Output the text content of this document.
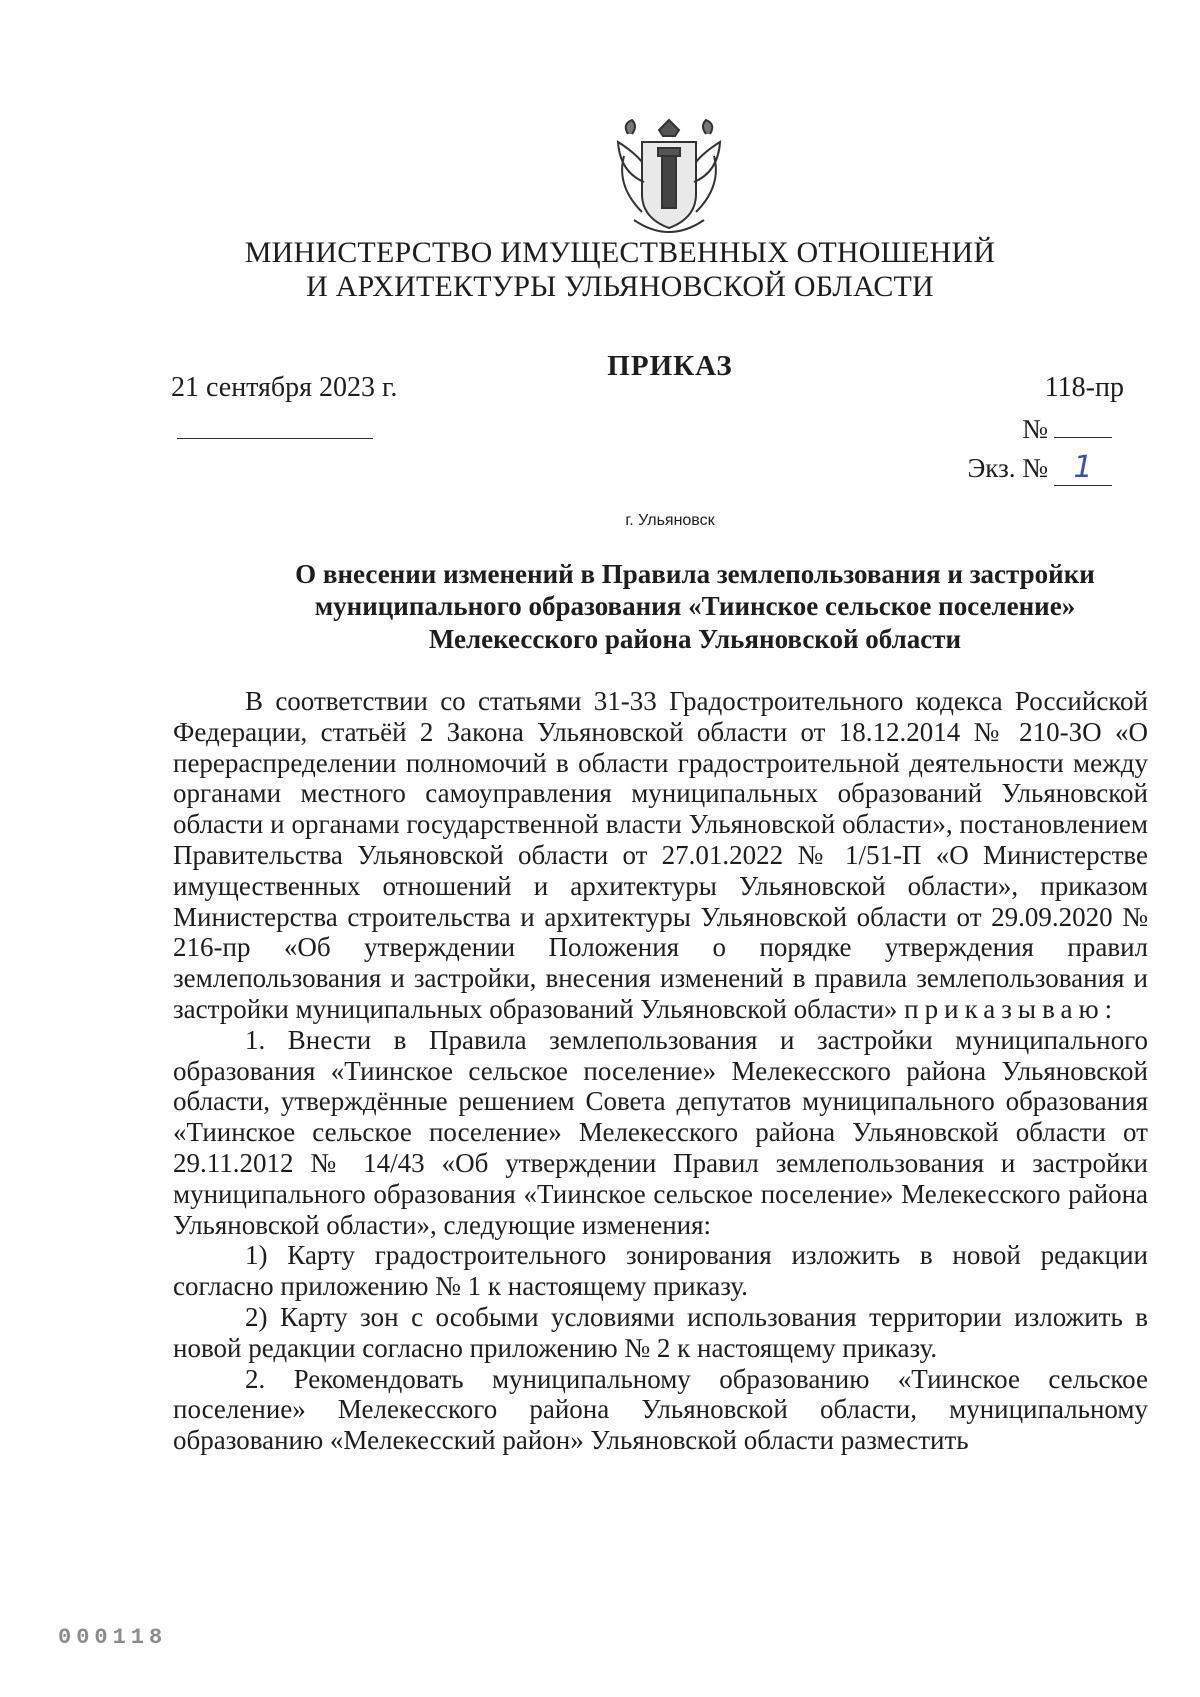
МИНИСТЕРСТВО ИМУЩЕСТВЕННЫХ ОТНОШЕНИЙ
И АРХИТЕКТУРЫ УЛЬЯНОВСКОЙ ОБЛАСТИ
ПРИКАЗ
21 сентября 2023 г.	118-пр
№
Экз. № 1
г. Ульяновск
О внесении изменений в Правила землепользования и застройки
муниципального образования «Тиинское сельское поселение»
Мелекесского района Ульяновской области

В соответствии со статьями 31-33 Градостроительного кодекса Российской Федерации, статьёй 2 Закона Ульяновской области от 18.12.2014 № 210-ЗО «О перераспределении полномочий в области градостроительной деятельности между органами местного самоуправления муниципальных образований Ульяновской области и органами государственной власти Ульяновской области», постановлением Правительства Ульяновской области от 27.01.2022 № 1/51-П «О Министерстве имущественных отношений и архитектуры Ульяновской области», приказом Министерства строительства и архитектуры Ульяновской области от 29.09.2020 № 216-пр «Об утверждении Положения о порядке утверждения правил землепользования и застройки, внесения изменений в правила землепользования и застройки муниципальных образований Ульяновской области» приказываю:

1. Внести в Правила землепользования и застройки муниципального образования «Тиинское сельское поселение» Мелекесского района Ульяновской области, утверждённые решением Совета депутатов муниципального образования «Тиинское сельское поселение» Мелекесского района Ульяновской области от 29.11.2012 № 14/43 «Об утверждении Правил землепользования и застройки муниципального образования «Тиинское сельское поселение» Мелекесского района Ульяновской области», следующие изменения:

1) Карту градостроительного зонирования изложить в новой редакции согласно приложению № 1 к настоящему приказу.

2) Карту зон с особыми условиями использования территории изложить в новой редакции согласно приложению № 2 к настоящему приказу.

2. Рекомендовать муниципальному образованию «Тиинское сельское поселение» Мелекесского района Ульяновской области, муниципальному образованию «Мелекесский район» Ульяновской области разместить

000118
